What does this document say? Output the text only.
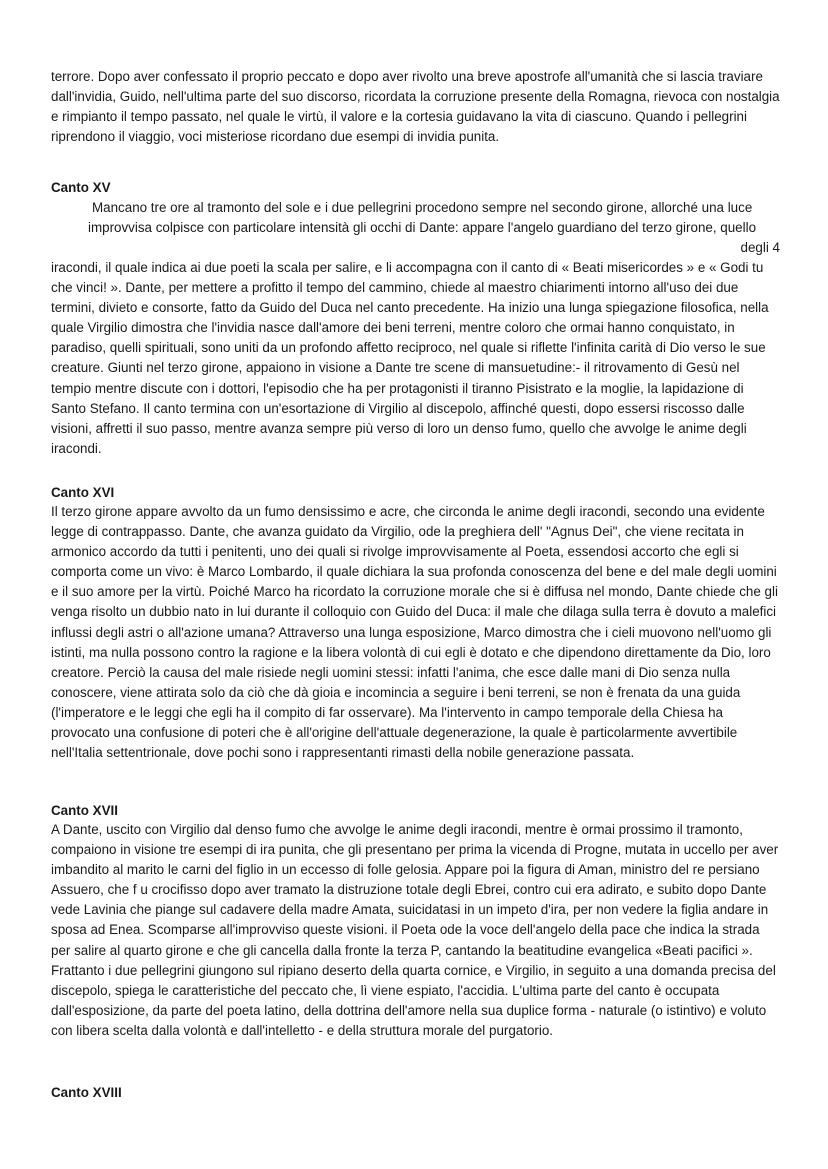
terrore. Dopo aver confessato il proprio peccato e dopo aver rivolto una breve apostrofe all'umanità che si lascia traviare dall'invidia, Guido, nell'ultima parte del suo discorso, ricordata la corruzione presente della Romagna, rievoca con nostalgia e rimpianto il tempo passato, nel quale le virtù, il valore e la cortesia guidavano la vita di ciascuno. Quando i pellegrini riprendono il viaggio, voci misteriose ricordano due esempi di invidia punita.

Canto XV

Mancano tre ore al tramonto del sole e i due pellegrini procedono sempre nel secondo girone, allorché una luce improvvisa colpisce con particolare intensità gli occhi di Dante: appare l'angelo guardiano del terzo girone, quello

degli 4

iracondi, il quale indica ai due poeti la scala per salire, e li accompagna con il canto di « Beati misericordes » e « Godi tu che vinci! ». Dante, per mettere a profitto il tempo del cammino, chiede al maestro chiarimenti intorno all'uso dei due termini, divieto e consorte, fatto da Guido del Duca nel canto precedente. Ha inizio una lunga spiegazione filosofica, nella quale Virgilio dimostra che l'invidia nasce dall'amore dei beni terreni, mentre coloro che ormai hanno conquistato, in paradiso, quelli spirituali, sono uniti da un profondo affetto reciproco, nel quale si riflette l'infinita carità di Dio verso le sue creature. Giunti nel terzo girone, appaiono in visione a Dante tre scene di mansuetudine:- il ritrovamento di Gesù nel tempio mentre discute con i dottori, l'episodio che ha per protagonisti il tiranno Pisistrato e la moglie, la lapidazione di Santo Stefano. Il canto termina con un'esortazione di Virgilio al discepolo, affinché questi, dopo essersi riscosso dalle visioni, affretti il suo passo, mentre avanza sempre più verso di loro un denso fumo, quello che avvolge le anime degli iracondi.

Canto XVI

Il terzo girone appare avvolto da un fumo densissimo e acre, che circonda le anime degli iracondi, secondo una evidente legge di contrappasso. Dante, che avanza guidato da Virgilio, ode la preghiera dell' "Agnus Dei", che viene recitata in armonico accordo da tutti i penitenti, uno dei quali si rivolge improvvisamente al Poeta, essendosi accorto che egli si comporta come un vivo: è Marco Lombardo, il quale dichiara la sua profonda conoscenza del bene e del male degli uomini e il suo amore per la virtù. Poiché Marco ha ricordato la corruzione morale che si è diffusa nel mondo, Dante chiede che gli venga risolto un dubbio nato in lui durante il colloquio con Guido del Duca: il male che dilaga sulla terra è dovuto a malefici influssi degli astri o all'azione umana? Attraverso una lunga esposizione, Marco dimostra che i cieli muovono nell'uomo gli istinti, ma nulla possono contro la ragione e la libera volontà di cui egli è dotato e che dipendono direttamente da Dio, loro creatore. Perciò la causa del male risiede negli uomini stessi: infatti l'anima, che esce dalle mani di Dio senza nulla conoscere, viene attirata solo da ciò che dà gioia e incomincia a seguire i beni terreni, se non è frenata da una guida (l'imperatore e le leggi che egli ha il compito di far osservare). Ma l'intervento in campo temporale della Chiesa ha provocato una confusione di poteri che è all'origine dell'attuale degenerazione, la quale è particolarmente avvertibile nell'Italia settentrionale, dove pochi sono i rappresentanti rimasti della nobile generazione passata.

Canto XVII

A Dante, uscito con Virgilio dal denso fumo che avvolge le anime degli iracondi, mentre è ormai prossimo il tramonto, compaiono in visione tre esempi di ira punita, che gli presentano per prima la vicenda di Progne, mutata in uccello per aver imbandito al marito le carni del figlio in un eccesso di folle gelosia. Appare poi la figura di Aman, ministro del re persiano Assuero, che f u crocifisso dopo aver tramato la distruzione totale degli Ebrei, contro cui era adirato, e subito dopo Dante vede Lavinia che piange sul cadavere della madre Amata, suicidatasi in un impeto d'ira, per non vedere la figlia andare in sposa ad Enea. Scomparse all'improvviso queste visioni. il Poeta ode la voce dell'angelo della pace che indica la strada per salire al quarto girone e che gli cancella dalla fronte la terza P, cantando la beatitudine evangelica «Beati pacifici ». Frattanto i due pellegrini giungono sul ripiano deserto della quarta cornice, e Virgilio, in seguito a una domanda precisa del discepolo, spiega le caratteristiche del peccato che, lì viene espiato, l'accidia. L'ultima parte del canto è occupata dall'esposizione, da parte del poeta latino, della dottrina dell'amore nella sua duplice forma - naturale (o istintivo) e voluto con libera scelta dalla volontà e dall'intelletto - e della struttura morale del purgatorio.

Canto XVIII
